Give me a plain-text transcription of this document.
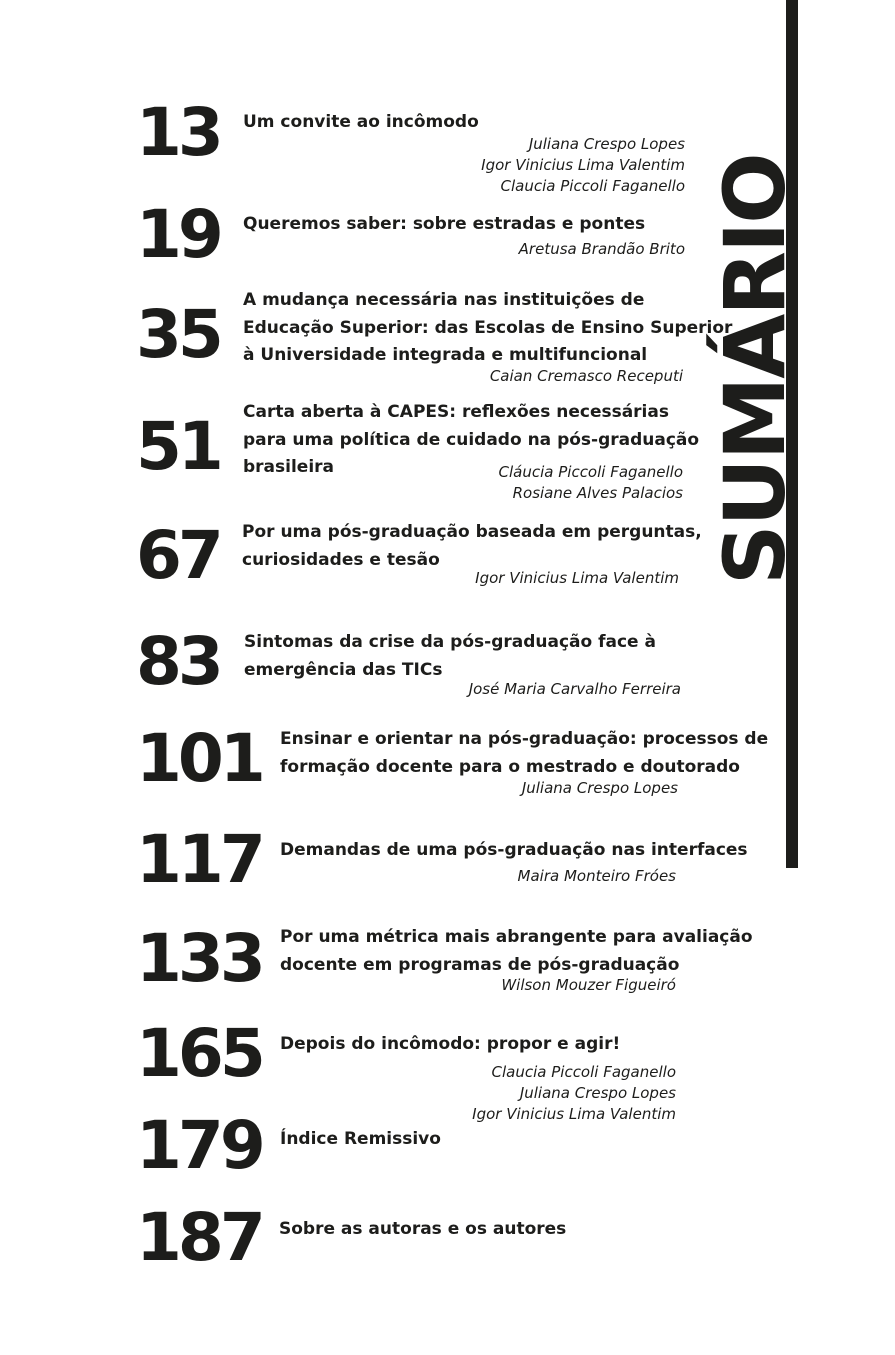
SUMÁRIO
13 Um convite ao incômodo
Juliana Crespo Lopes
Igor Vinicius Lima Valentim
Claucia Piccoli Faganello
19 Queremos saber: sobre estradas e pontes
Aretusa Brandão Brito
35 A mudança necessária nas instituições de
Educação Superior: das Escolas de Ensino Superior
à Universidade integrada e multifuncional
Caian Cremasco Receputi
51 Carta aberta à CAPES: reflexões necessárias
para uma política de cuidado na pós-graduação
brasileira	Cláucia Piccoli Faganello
Rosiane Alves Palacios
67 Por uma pós-graduação baseada em perguntas,
curiosidades e tesão
Igor Vinicius Lima Valentim
83 Sintomas da crise da pós-graduação face à
emergência das TICs
José Maria Carvalho Ferreira
101 Ensinar e orientar na pós-graduação: processos de
formação docente para o mestrado e doutorado
Juliana Crespo Lopes
117 Demandas de uma pós-graduação nas interfaces
Maira Monteiro Fróes
133 Por uma métrica mais abrangente para avaliação
docente em programas de pós-graduação
Wilson Mouzer Figueiró
165 Depois do incômodo: propor e agir!
Claucia Piccoli Faganello
Juliana Crespo Lopes
Igor Vinicius Lima Valentim
179 Índice Remissivo
187 Sobre as autoras e os autores
